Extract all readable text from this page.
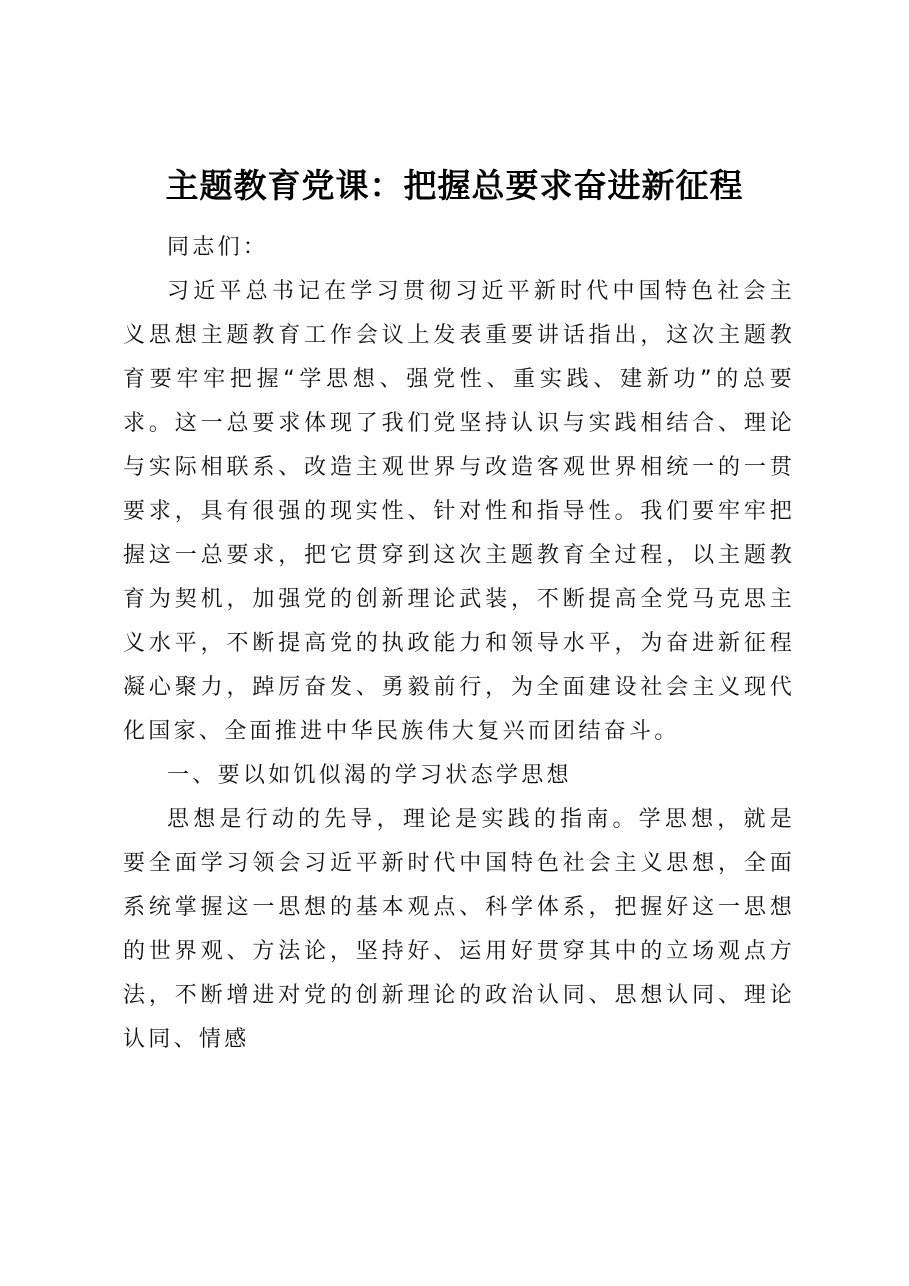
主题教育党课：把握总要求奋进新征程

同志们：

习近平总书记在学习贯彻习近平新时代中国特色社会主义思想主题教育工作会议上发表重要讲话指出，这次主题教育要牢牢把握“学思想、强党性、重实践、建新功”的总要求。这一总要求体现了我们党坚持认识与实践相结合、理论与实际相联系、改造主观世界与改造客观世界相统一的一贯要求，具有很强的现实性、针对性和指导性。我们要牢牢把握这一总要求，把它贯穿到这次主题教育全过程，以主题教育为契机，加强党的创新理论武装，不断提高全党马克思主义水平，不断提高党的执政能力和领导水平，为奋进新征程凝心聚力，踔厉奋发、勇毅前行，为全面建设社会主义现代化国家、全面推进中华民族伟大复兴而团结奋斗。

一、要以如饥似渴的学习状态学思想

思想是行动的先导，理论是实践的指南。学思想，就是要全面学习领会习近平新时代中国特色社会主义思想，全面系统掌握这一思想的基本观点、科学体系，把握好这一思想的世界观、方法论，坚持好、运用好贯穿其中的立场观点方法，不断增进对党的创新理论的政治认同、思想认同、理论认同、情感
